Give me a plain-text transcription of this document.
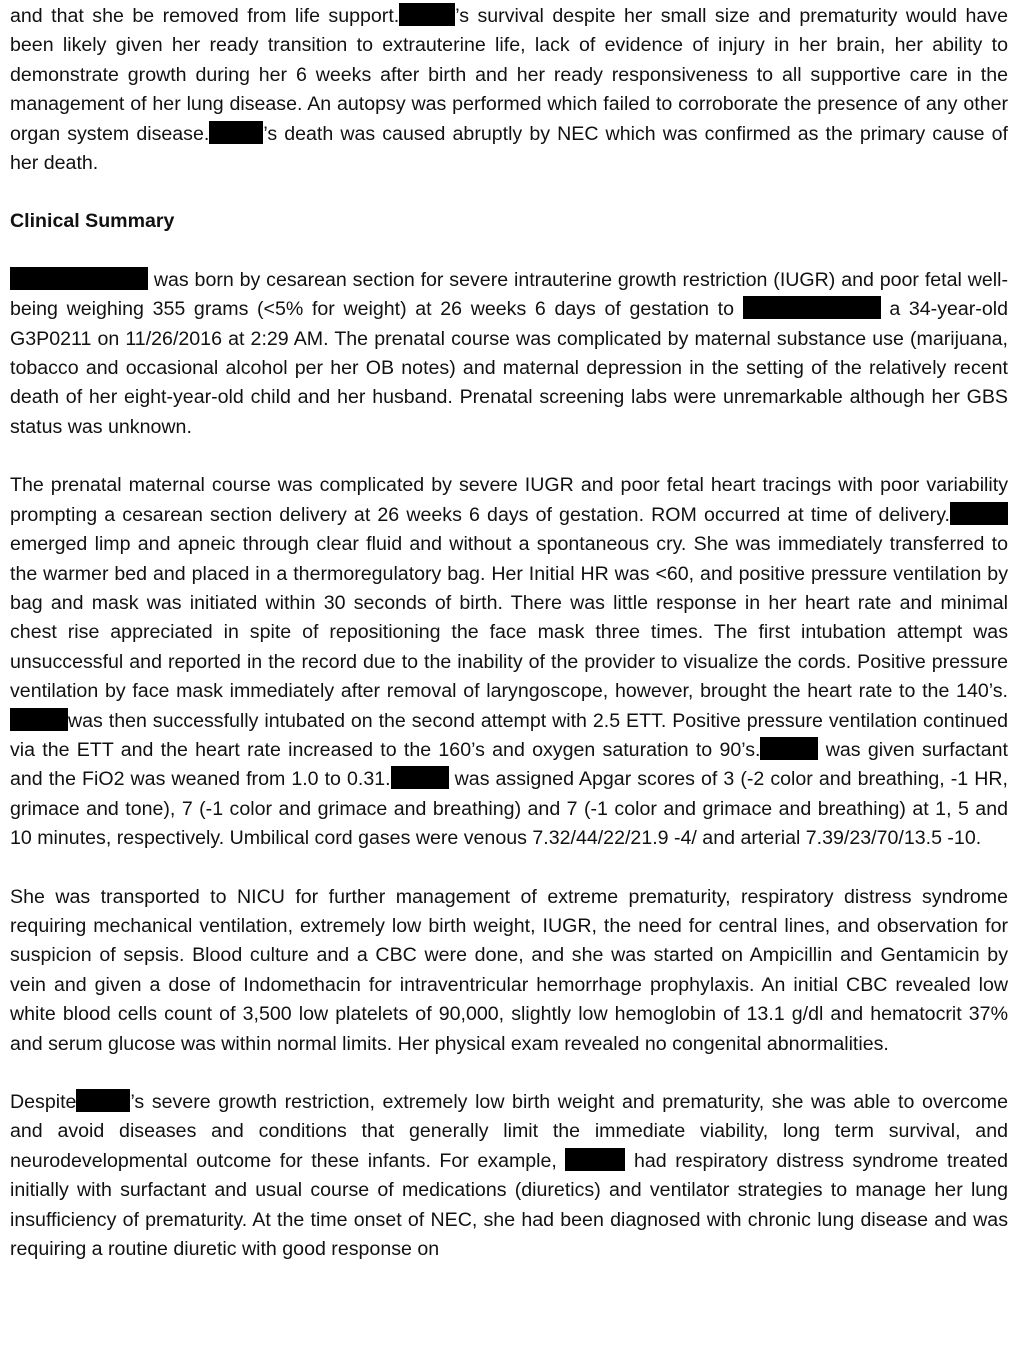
and that she be removed from life support.	’s survival despite her small size and prematurity would have been likely given her ready transition to extrauterine life, lack of evidence of injury in her brain, her ability to demonstrate growth during her 6 weeks after birth and her ready responsiveness to all supportive care in the management of her lung disease. An autopsy was performed which failed to corroborate the presence of any other organ system disease.	’s death was caused abruptly by NEC which was confirmed as the primary cause of her death.

Clinical Summary

was born by cesarean section for severe intrauterine growth restriction (IUGR) and poor fetal well-being weighing 355 grams (<5% for weight) at 26 weeks 6 days of gestation to	a 34-year-old G3P0211 on 11/26/2016 at 2:29 AM. The prenatal course was complicated by maternal substance use (marijuana, tobacco and occasional alcohol per her OB notes) and maternal depression in the setting of the relatively recent death of her eight-year-old child and her husband. Prenatal screening labs were unremarkable although her GBS status was unknown.

The prenatal maternal course was complicated by severe IUGR and poor fetal heart tracings with poor variability prompting a cesarean section delivery at 26 weeks 6 days of gestation. ROM occurred at time of delivery.emerged limp and apneic through clear fluid and without a spontaneous cry. She was immediately transferred to the warmer bed and placed in a thermoregulatory bag. Her Initial HR was <60, and positive pressure ventilation by bag and mask was initiated within 30 seconds of birth. There was little response in her heart rate and minimal chest rise appreciated in spite of repositioning the face mask three times. The first intubation attempt was unsuccessful and reported in the record due to the inability of the provider to visualize the cords. Positive pressure ventilation by face mask immediately after removal of laryngoscope, however, brought the heart rate to the 140’s.was then successfully intubated on the second attempt with 2.5 ETT. Positive pressure ventilation continued via the ETT and the heart rate increased to the 160’s and oxygen saturation to 90’s.	was given surfactant and the FiO2 was weaned from 1.0 to 0.31.	was assigned Apgar scores of 3 (-2 color and breathing, -1 HR, grimace and tone), 7 (-1 color and grimace and breathing) and 7 (-1 color and grimace and breathing) at 1, 5 and 10 minutes, respectively. Umbilical cord gases were venous 7.32/44/22/21.9 -4/ and arterial 7.39/23/70/13.5 -10.

She was transported to NICU for further management of extreme prematurity, respiratory distress syndrome requiring mechanical ventilation, extremely low birth weight, IUGR, the need for central lines, and observation for suspicion of sepsis. Blood culture and a CBC were done, and she was started on Ampicillin and Gentamicin by vein and given a dose of Indomethacin for intraventricular hemorrhage prophylaxis. An initial CBC revealed low white blood cells count of 3,500 low platelets of 90,000, slightly low hemoglobin of 13.1 g/dl and hematocrit 37% and serum glucose was within normal limits. Her physical exam revealed no congenital abnormalities.

Despite	’s severe growth restriction, extremely low birth weight and prematurity, she was able to overcome and avoid diseases and conditions that generally limit the immediate viability, long term survival, and neurodevelopmental outcome for these infants. For example,	had respiratory distress syndrome treated initially with surfactant and usual course of medications (diuretics) and ventilator strategies to manage her lung insufficiency of prematurity. At the time onset of NEC, she had been diagnosed with chronic lung disease and was requiring a routine diuretic with good response on
